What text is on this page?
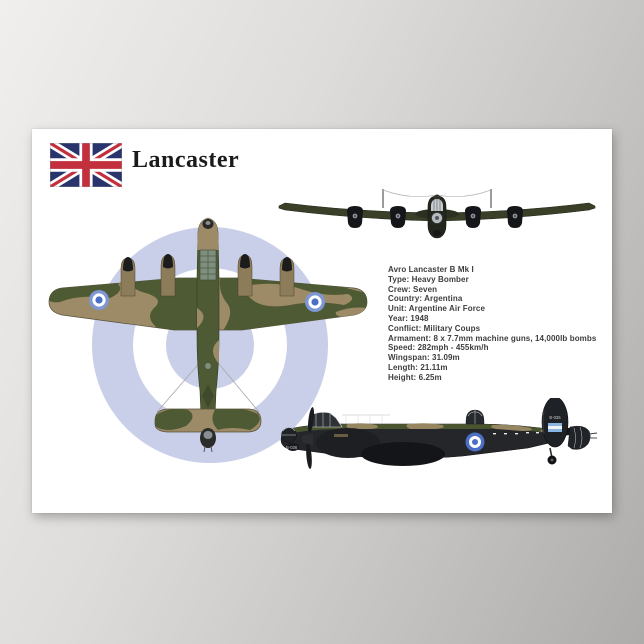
Avro Lancaster B Mk I
Type: Heavy Bomber
Crew: Seven
Country: Argentina
Unit: Argentine Air Force
Year: 1948
Conflict: Military Coups
Armament: 8 x 7.7mm machine guns, 14,000lb bombs
Speed: 282mph - 455km/h
Wingspan: 31.09m
Length: 21.11m
Height: 6.25m
B-036
B-036
Lancaster
